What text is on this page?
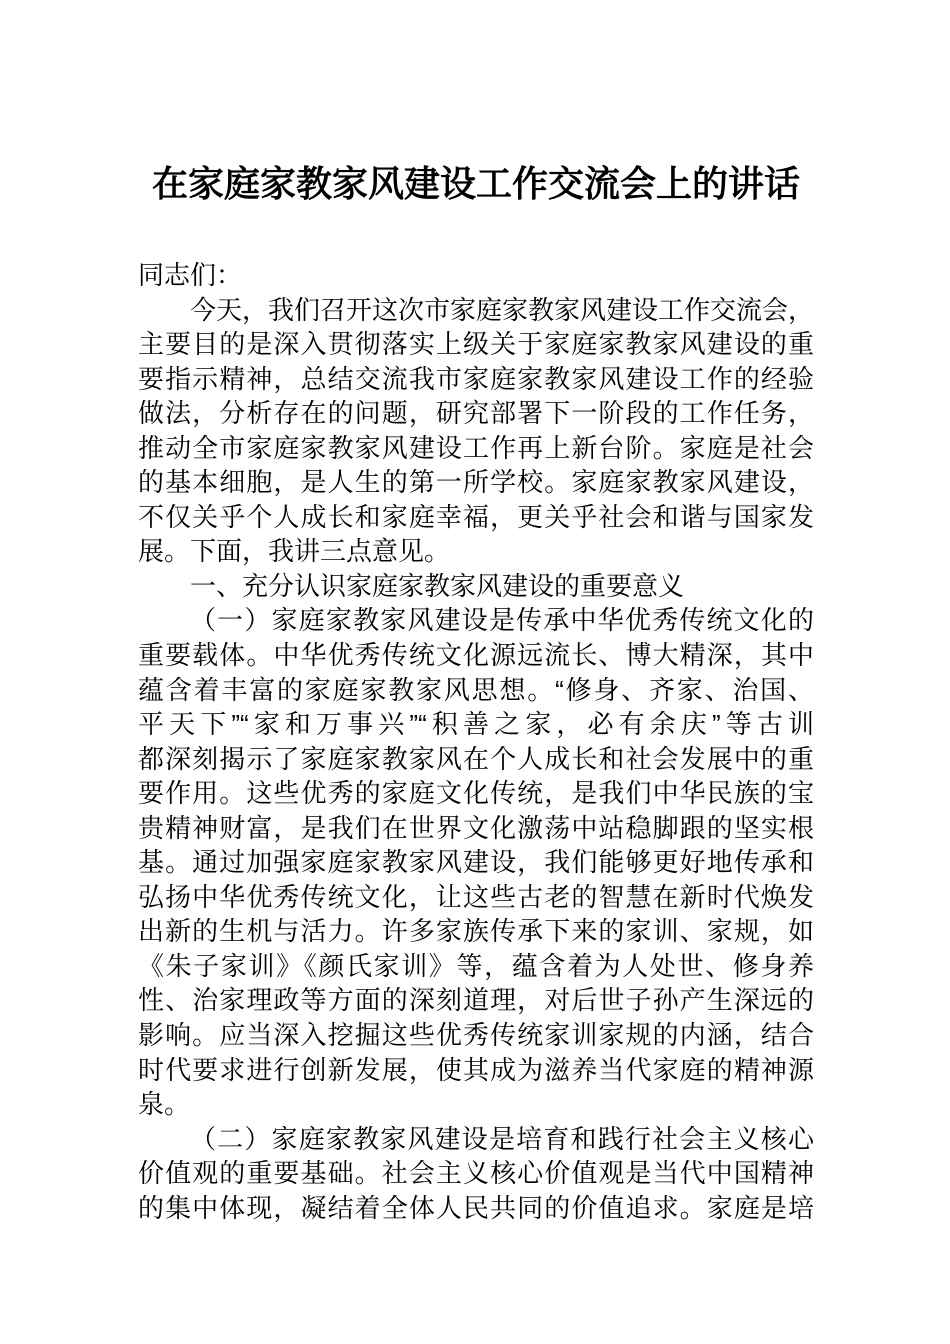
在家庭家教家风建设工作交流会上的讲话

同志们：

今天，我们召开这次市家庭家教家风建设工作交流会，
主要目的是深入贯彻落实上级关于家庭家教家风建设的重
要指示精神，总结交流我市家庭家教家风建设工作的经验
做法，分析存在的问题，研究部署下一阶段的工作任务，
推动全市家庭家教家风建设工作再上新台阶。家庭是社会
的基本细胞，是人生的第一所学校。家庭家教家风建设，
不仅关乎个人成长和家庭幸福，更关乎社会和谐与国家发
展。下面，我讲三点意见。

一、充分认识家庭家教家风建设的重要意义

（一）家庭家教家风建设是传承中华优秀传统文化的
重要载体。中华优秀传统文化源远流长、博大精深，其中
蕴含着丰富的家庭家教家风思想。“修身、齐家、治国、
平天下”“家和万事兴”“积善之家，必有余庆”等古训
都深刻揭示了家庭家教家风在个人成长和社会发展中的重
要作用。这些优秀的家庭文化传统，是我们中华民族的宝
贵精神财富，是我们在世界文化激荡中站稳脚跟的坚实根
基。通过加强家庭家教家风建设，我们能够更好地传承和
弘扬中华优秀传统文化，让这些古老的智慧在新时代焕发
出新的生机与活力。许多家族传承下来的家训、家规，如
《朱子家训》《颜氏家训》等，蕴含着为人处世、修身养
性、治家理政等方面的深刻道理，对后世子孙产生深远的
影响。应当深入挖掘这些优秀传统家训家规的内涵，结合
时代要求进行创新发展，使其成为滋养当代家庭的精神源
泉。

（二）家庭家教家风建设是培育和践行社会主义核心
价值观的重要基础。社会主义核心价值观是当代中国精神
的集中体现，凝结着全体人民共同的价值追求。家庭是培
